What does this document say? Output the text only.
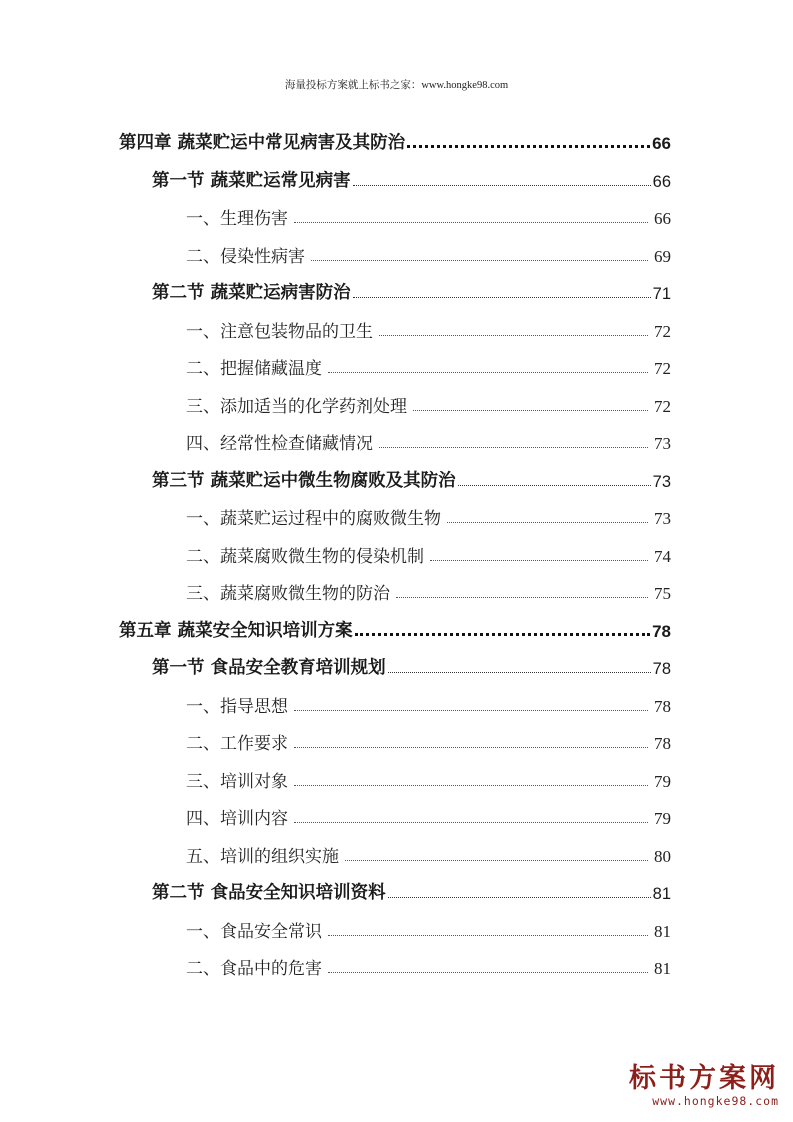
海量投标方案就上标书之家：www.hongke98.com
第四章 蔬菜贮运中常见病害及其防治	66
第一节 蔬菜贮运常见病害	66
一、生理伤害	66
二、侵染性病害	69
第二节 蔬菜贮运病害防治	71
一、注意包装物品的卫生	72
二、把握储藏温度	72
三、添加适当的化学药剂处理	72
四、经常性检查储藏情况	73
第三节 蔬菜贮运中微生物腐败及其防治	73
一、蔬菜贮运过程中的腐败微生物	73
二、蔬菜腐败微生物的侵染机制	74
三、蔬菜腐败微生物的防治	75
第五章 蔬菜安全知识培训方案	78
第一节 食品安全教育培训规划	78
一、指导思想	78
二、工作要求	78
三、培训对象	79
四、培训内容	79
五、培训的组织实施	80
第二节 食品安全知识培训资料	81
一、食品安全常识	81
二、食品中的危害	81
标书方案网
www.hongke98.com
